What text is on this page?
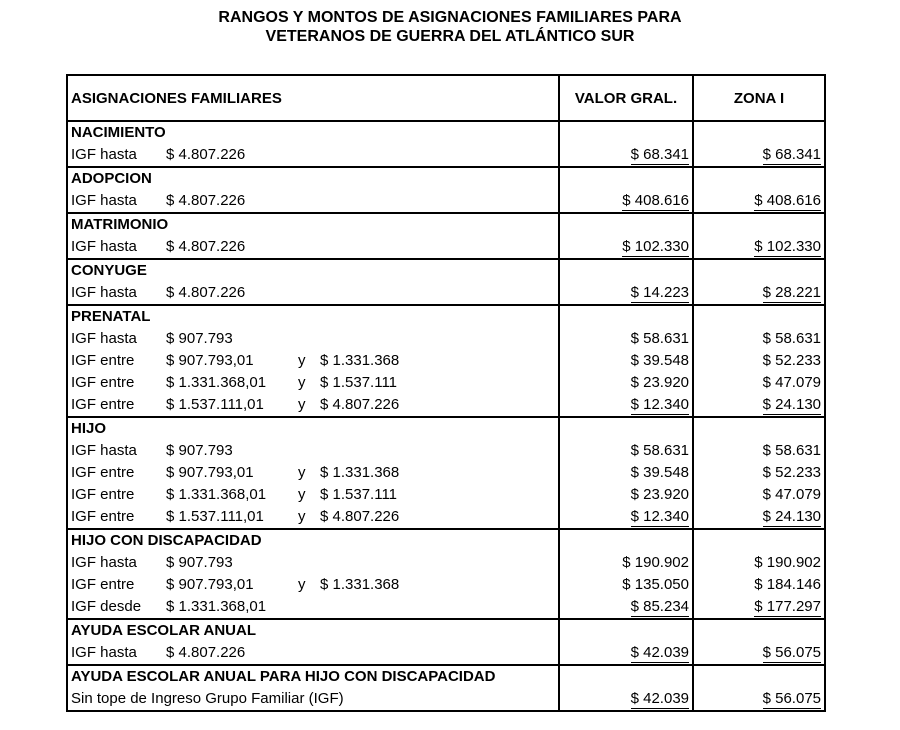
RANGOS Y MONTOS DE ASIGNACIONES FAMILIARES PARA
VETERANOS DE GUERRA DEL ATLÁNTICO SUR
ASIGNACIONES FAMILIARES	VALOR GRAL.	ZONA I
NACIMIENTO		
IGF hasta $ 4.807.226	$ 68.341	$ 68.341
ADOPCION		
IGF hasta $ 4.807.226	$ 408.616	$ 408.616
MATRIMONIO		
IGF hasta $ 4.807.226	$ 102.330	$ 102.330
CONYUGE		
IGF hasta $ 4.807.226	$ 14.223	$ 28.221
PRENATAL		
IGF hasta $ 907.793	$ 58.631	$ 58.631
IGF entre $ 907.793,01 y $ 1.331.368	$ 39.548	$ 52.233
IGF entre $ 1.331.368,01 y $ 1.537.111	$ 23.920	$ 47.079
IGF entre $ 1.537.111,01 y $ 4.807.226	$ 12.340	$ 24.130
HIJO		
IGF hasta $ 907.793	$ 58.631	$ 58.631
IGF entre $ 907.793,01 y $ 1.331.368	$ 39.548	$ 52.233
IGF entre $ 1.331.368,01 y $ 1.537.111	$ 23.920	$ 47.079
IGF entre $ 1.537.111,01 y $ 4.807.226	$ 12.340	$ 24.130
HIJO CON DISCAPACIDAD		
IGF hasta $ 907.793	$ 190.902	$ 190.902
IGF entre $ 907.793,01 y $ 1.331.368	$ 135.050	$ 184.146
IGF desde $ 1.331.368,01	$ 85.234	$ 177.297
AYUDA ESCOLAR ANUAL		
IGF hasta $ 4.807.226	$ 42.039	$ 56.075
AYUDA ESCOLAR ANUAL PARA HIJO CON DISCAPACIDAD		
Sin tope de Ingreso Grupo Familiar (IGF)	$ 42.039	$ 56.075
